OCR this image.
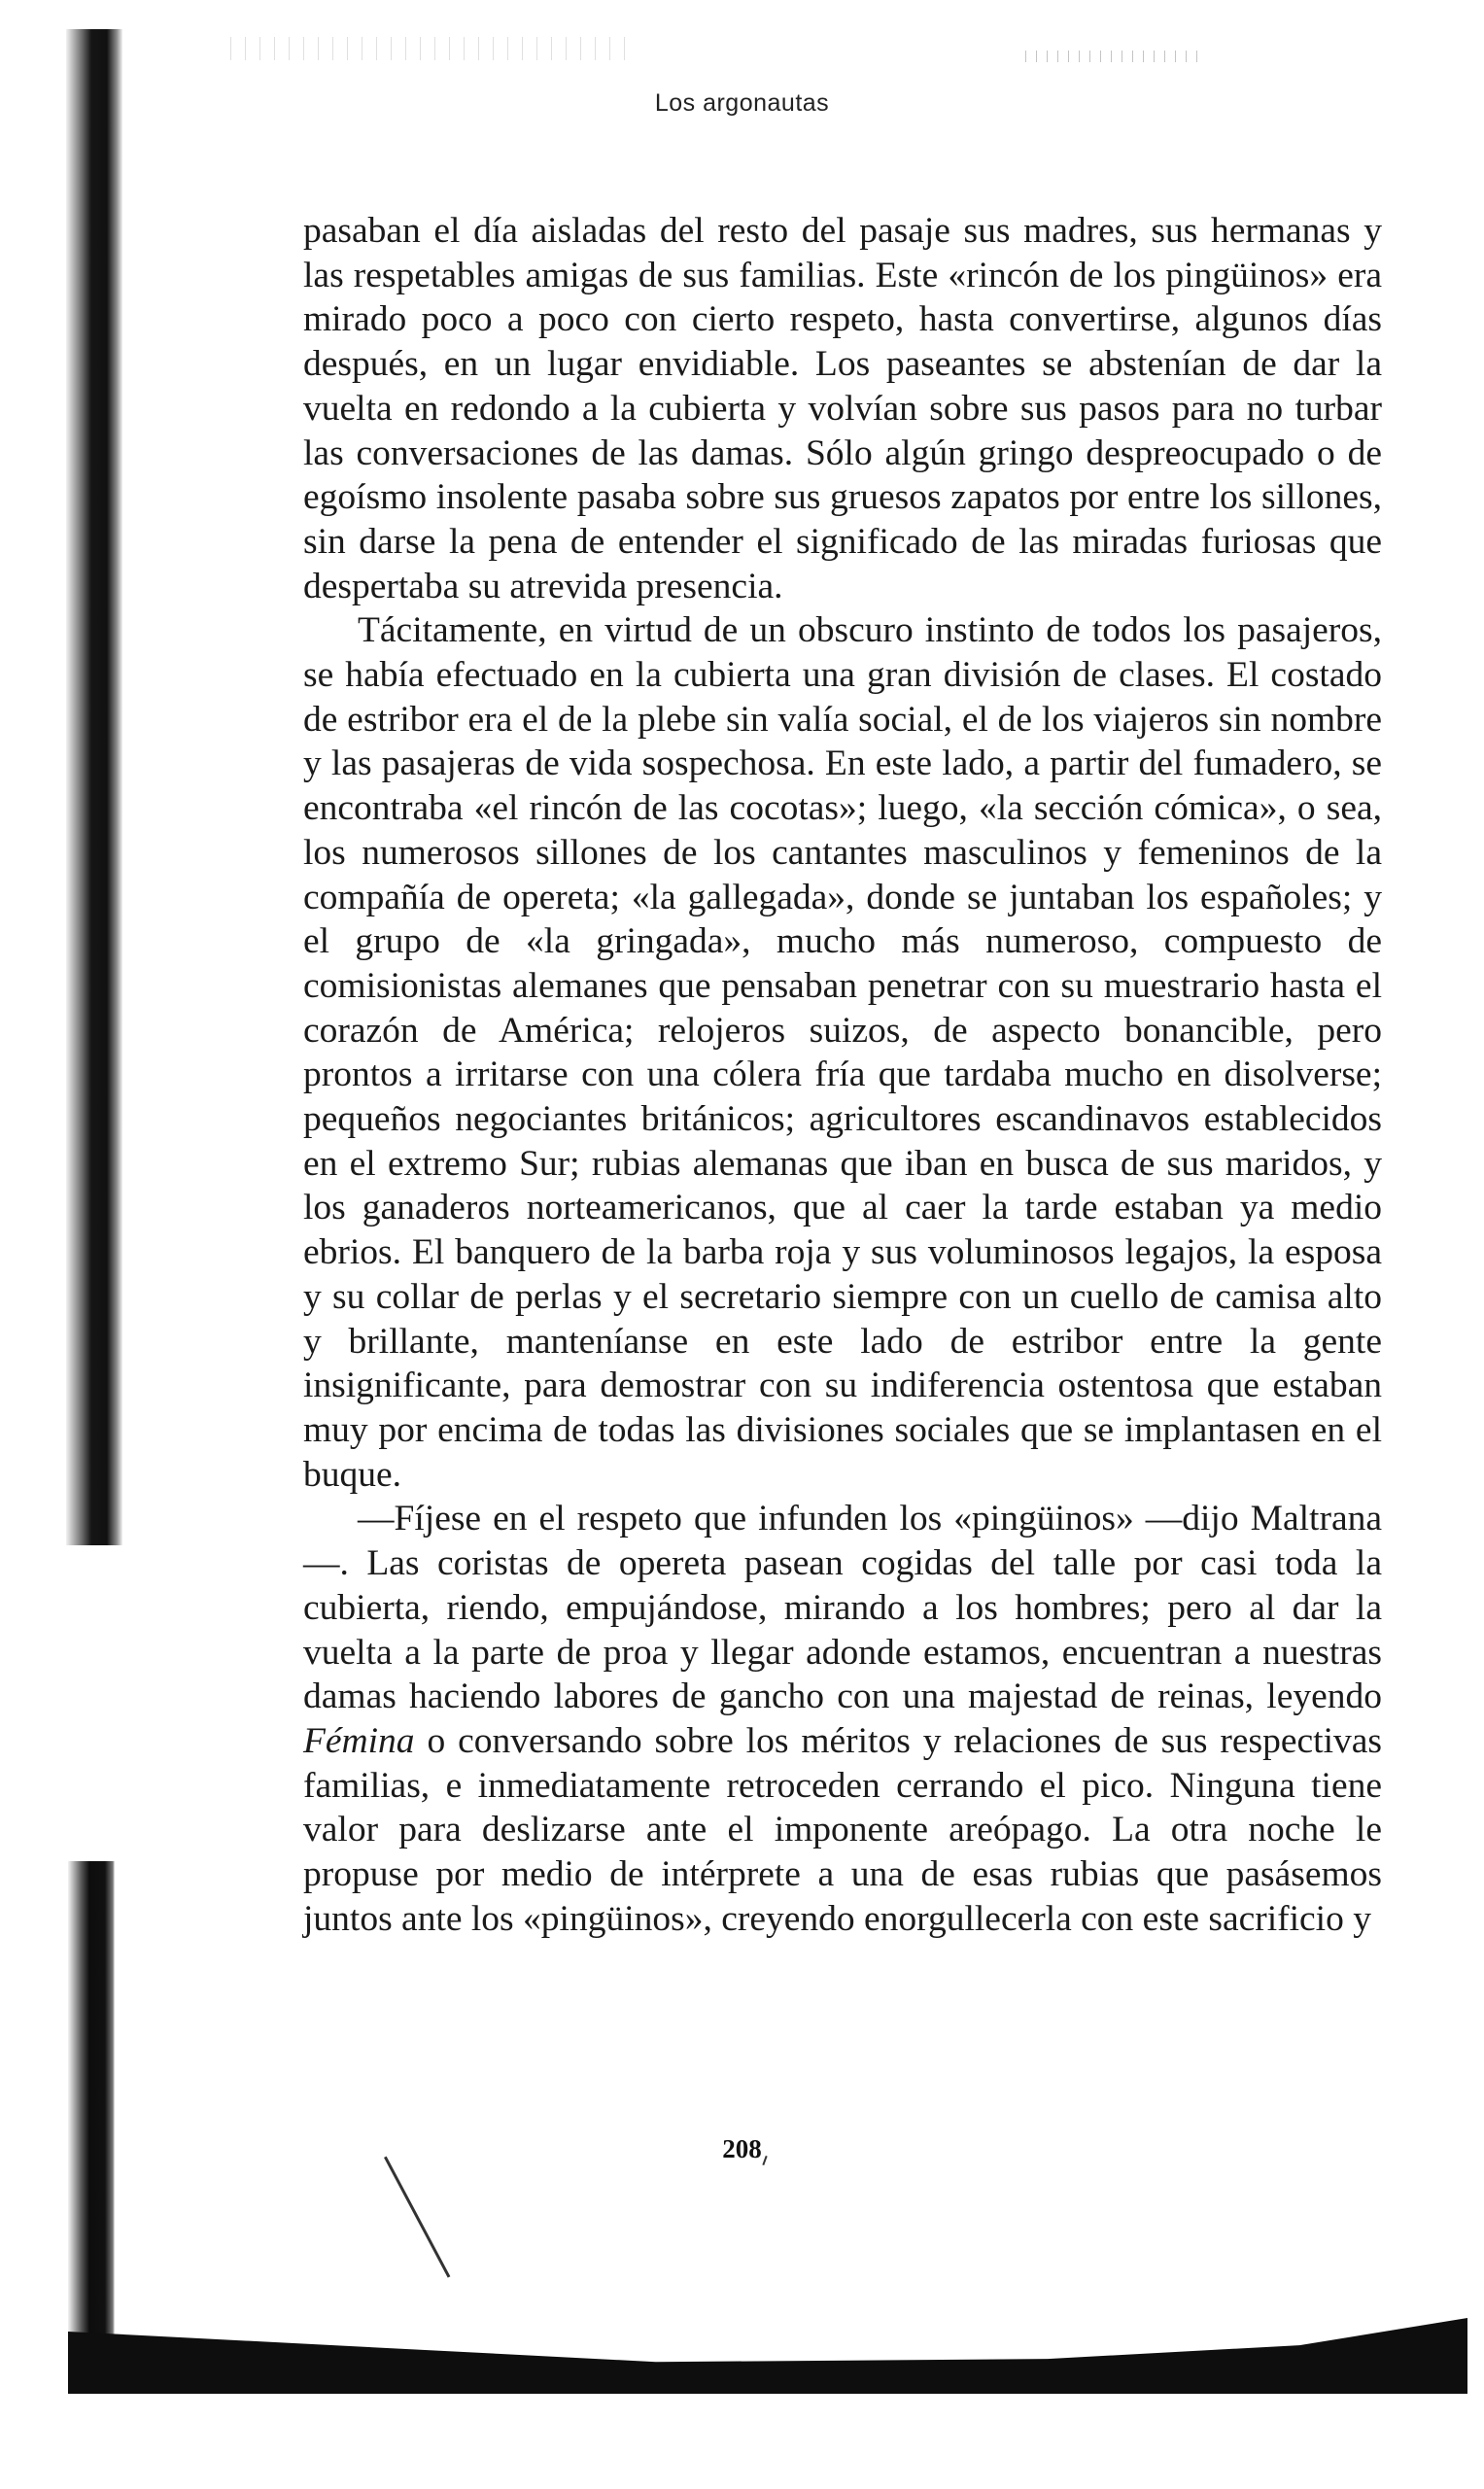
Los argonautas

pasaban el día aisladas del resto del pasaje sus madres, sus hermanas y las respetables amigas de sus familias. Este «rincón de los pingüinos» era mirado poco a poco con cierto respeto, hasta convertirse, algunos días después, en un lugar envidiable. Los paseantes se abstenían de dar la vuelta en redondo a la cubierta y volvían sobre sus pasos para no turbar las conversaciones de las damas. Sólo algún gringo despreocupado o de egoísmo insolente pasaba sobre sus gruesos zapatos por entre los sillones, sin darse la pena de entender el significado de las miradas furiosas que despertaba su atrevida presencia.

Tácitamente, en virtud de un obscuro instinto de todos los pasajeros, se había efectuado en la cubierta una gran división de clases. El costado de estribor era el de la plebe sin valía social, el de los viajeros sin nombre y las pasajeras de vida sospechosa. En este lado, a partir del fumadero, se encontraba «el rincón de las cocotas»; luego, «la sección cómica», o sea, los numerosos sillones de los cantantes masculinos y femeninos de la compañía de opereta; «la gallegada», donde se juntaban los españoles; y el grupo de «la gringada», mucho más numeroso, compuesto de comisionistas alemanes que pensaban penetrar con su muestrario hasta el corazón de América; relojeros suizos, de aspecto bonancible, pero prontos a irritarse con una cólera fría que tardaba mucho en disolverse; pequeños negociantes británicos; agricultores escandinavos establecidos en el extremo Sur; rubias alemanas que iban en busca de sus maridos, y los ganaderos norteamericanos, que al caer la tarde estaban ya medio ebrios. El banquero de la barba roja y sus voluminosos legajos, la esposa y su collar de perlas y el secretario siempre con un cuello de camisa alto y brillante, manteníanse en este lado de estribor entre la gente insignificante, para demostrar con su indiferencia ostentosa que estaban muy por encima de todas las divisiones sociales que se implantasen en el buque.

—Fíjese en el respeto que infunden los «pingüinos» —dijo Maltrana—. Las coristas de opereta pasean cogidas del talle por casi toda la cubierta, riendo, empujándose, mirando a los hombres; pero al dar la vuelta a la parte de proa y llegar adonde estamos, encuentran a nuestras damas haciendo labores de gancho con una majestad de reinas, leyendo Fémina o conversando sobre los méritos y relaciones de sus respectivas familias, e inmediatamente retroceden cerrando el pico. Ninguna tiene valor para deslizarse ante el imponente areópago. La otra noche le propuse por medio de intérprete a una de esas rubias que pasásemos juntos ante los «pingüinos», creyendo enorgullecerla con este sacrificio y

208
